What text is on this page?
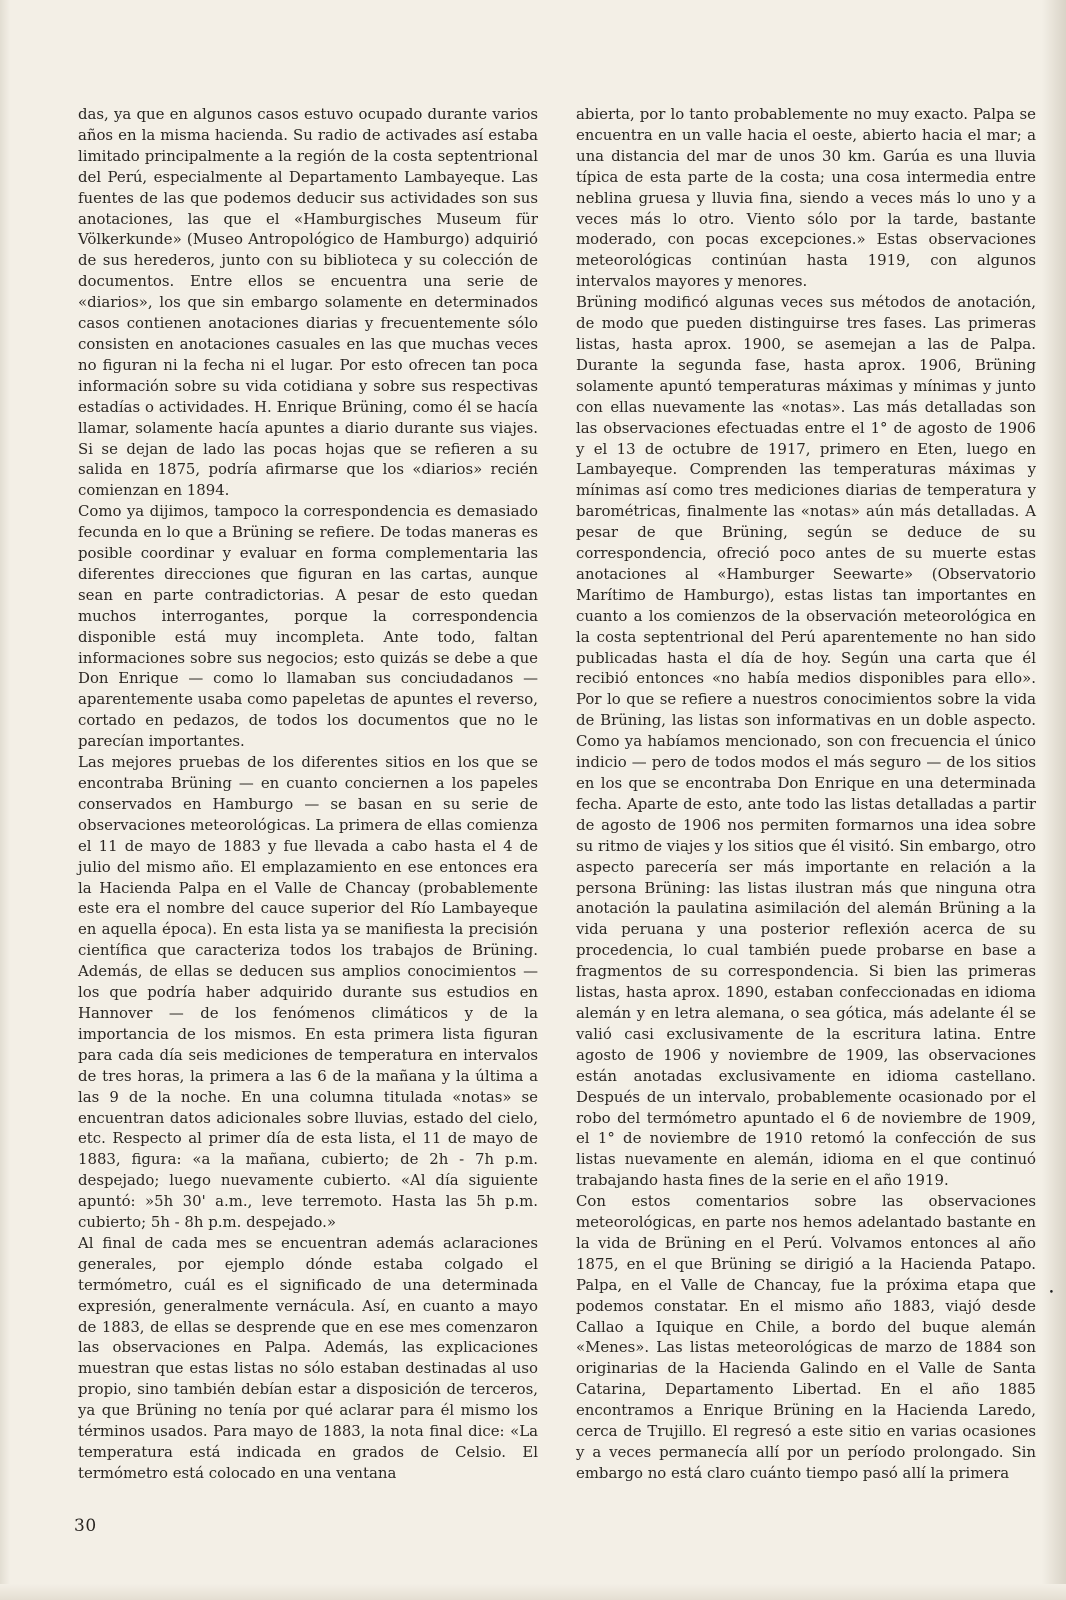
das, ya que en algunos casos estuvo ocupado durante varios años en la misma hacienda. Su radio de activades así estaba limitado principalmente a la región de la costa septentrional del Perú, especialmente al Departamento Lambayeque. Las fuentes de las que podemos deducir sus actividades son sus anotaciones, las que el «Hamburgisches Museum für Völkerkunde» (Museo Antropológico de Hamburgo) adquirió de sus herederos, junto con su biblioteca y su colección de documentos. Entre ellos se encuentra una serie de «diarios», los que sin embargo solamente en determinados casos contienen anotaciones diarias y frecuentemente sólo consisten en anotaciones casuales en las que muchas veces no figuran ni la fecha ni el lugar. Por esto ofrecen tan poca información sobre su vida cotidiana y sobre sus respectivas estadías o actividades. H. Enrique Brüning, como él se hacía llamar, solamente hacía apuntes a diario durante sus viajes. Si se dejan de lado las pocas hojas que se refieren a su salida en 1875, podría afirmarse que los «diarios» recién comienzan en 1894.

Como ya dijimos, tampoco la correspondencia es demasiado fecunda en lo que a Brüning se refiere. De todas maneras es posible coordinar y evaluar en forma complementaria las diferentes direcciones que figuran en las cartas, aunque sean en parte contradictorias. A pesar de esto quedan muchos interrogantes, porque la correspondencia disponible está muy incompleta. Ante todo, faltan informaciones sobre sus negocios; esto quizás se debe a que Don Enrique — como lo llamaban sus conciudadanos — aparentemente usaba como papeletas de apuntes el reverso, cortado en pedazos, de todos los documentos que no le parecían importantes.

Las mejores pruebas de los diferentes sitios en los que se encontraba Brüning — en cuanto conciernen a los papeles conservados en Hamburgo — se basan en su serie de observaciones meteorológicas. La primera de ellas comienza el 11 de mayo de 1883 y fue llevada a cabo hasta el 4 de julio del mismo año. El emplazamiento en ese entonces era la Hacienda Palpa en el Valle de Chancay (probablemente este era el nombre del cauce superior del Río Lambayeque en aquella época). En esta lista ya se manifiesta la precisión científica que caracteriza todos los trabajos de Brüning. Además, de ellas se deducen sus amplios conocimientos — los que podría haber adquirido durante sus estudios en Hannover — de los fenómenos climáticos y de la importancia de los mismos. En esta primera lista figuran para cada día seis mediciones de temperatura en intervalos de tres horas, la primera a las 6 de la mañana y la última a las 9 de la noche. En una columna titulada «notas» se encuentran datos adicionales sobre lluvias, estado del cielo, etc. Respecto al primer día de esta lista, el 11 de mayo de 1883, figura: «a la mañana, cubierto; de 2h - 7h p.m. despejado; luego nuevamente cubierto. «Al día siguiente apuntó: »5h 30' a.m., leve terremoto. Hasta las 5h p.m. cubierto; 5h - 8h p.m. despejado.»

Al final de cada mes se encuentran además aclaraciones generales, por ejemplo dónde estaba colgado el termómetro, cuál es el significado de una determinada expresión, generalmente vernácula. Así, en cuanto a mayo de 1883, de ellas se desprende que en ese mes comenzaron las observaciones en Palpa. Además, las explicaciones muestran que estas listas no sólo estaban destinadas al uso propio, sino también debían estar a disposición de terceros, ya que Brüning no tenía por qué aclarar para él mismo los términos usados. Para mayo de 1883, la nota final dice: «La temperatura está indicada en grados de Celsio. El termómetro está colocado en una ventana

abierta, por lo tanto probablemente no muy exacto. Palpa se encuentra en un valle hacia el oeste, abierto hacia el mar; a una distancia del mar de unos 30 km. Garúa es una lluvia típica de esta parte de la costa; una cosa intermedia entre neblina gruesa y lluvia fina, siendo a veces más lo uno y a veces más lo otro. Viento sólo por la tarde, bastante moderado, con pocas excepciones.» Estas observaciones meteorológicas continúan hasta 1919, con algunos intervalos mayores y menores.

Brüning modificó algunas veces sus métodos de anotación, de modo que pueden distinguirse tres fases. Las primeras listas, hasta aprox. 1900, se asemejan a las de Palpa. Durante la segunda fase, hasta aprox. 1906, Brüning solamente apuntó temperaturas máximas y mínimas y junto con ellas nuevamente las «notas». Las más detalladas son las observaciones efectuadas entre el 1° de agosto de 1906 y el 13 de octubre de 1917, primero en Eten, luego en Lambayeque. Comprenden las temperaturas máximas y mínimas así como tres mediciones diarias de temperatura y barométricas, finalmente las «notas» aún más detalladas. A pesar de que Brüning, según se deduce de su correspondencia, ofreció poco antes de su muerte estas anotaciones al «Hamburger Seewarte» (Observatorio Marítimo de Hamburgo), estas listas tan importantes en cuanto a los comienzos de la observación meteorológica en la costa septentrional del Perú aparentemente no han sido publicadas hasta el día de hoy. Según una carta que él recibió entonces «no había medios disponibles para ello». Por lo que se refiere a nuestros conocimientos sobre la vida de Brüning, las listas son informativas en un doble aspecto. Como ya habíamos mencionado, son con frecuencia el único indicio — pero de todos modos el más seguro — de los sitios en los que se encontraba Don Enrique en una determinada fecha. Aparte de esto, ante todo las listas detalladas a partir de agosto de 1906 nos permiten formarnos una idea sobre su ritmo de viajes y los sitios que él visitó. Sin embargo, otro aspecto parecería ser más importante en relación a la persona Brüning: las listas ilustran más que ninguna otra anotación la paulatina asimilación del alemán Brüning a la vida peruana y una posterior reflexión acerca de su procedencia, lo cual también puede probarse en base a fragmentos de su correspondencia. Si bien las primeras listas, hasta aprox. 1890, estaban confeccionadas en idioma alemán y en letra alemana, o sea gótica, más adelante él se valió casi exclusivamente de la escritura latina. Entre agosto de 1906 y noviembre de 1909, las observaciones están anotadas exclusivamente en idioma castellano. Después de un intervalo, probablemente ocasionado por el robo del termómetro apuntado el 6 de noviembre de 1909, el 1° de noviembre de 1910 retomó la confección de sus listas nuevamente en alemán, idioma en el que continuó trabajando hasta fines de la serie en el año 1919.

Con estos comentarios sobre las observaciones meteorológicas, en parte nos hemos adelantado bastante en la vida de Brüning en el Perú. Volvamos entonces al año 1875, en el que Brüning se dirigió a la Hacienda Patapo. Palpa, en el Valle de Chancay, fue la próxima etapa que podemos constatar. En el mismo año 1883, viajó desde Callao a Iquique en Chile, a bordo del buque alemán «Menes». Las listas meteorológicas de marzo de 1884 son originarias de la Hacienda Galindo en el Valle de Santa Catarina, Departamento Libertad. En el año 1885 encontramos a Enrique Brüning en la Hacienda Laredo, cerca de Trujillo. El regresó a este sitio en varias ocasiones y a veces permanecía allí por un período prolongado. Sin embargo no está claro cuánto tiempo pasó allí la primera

30
•
